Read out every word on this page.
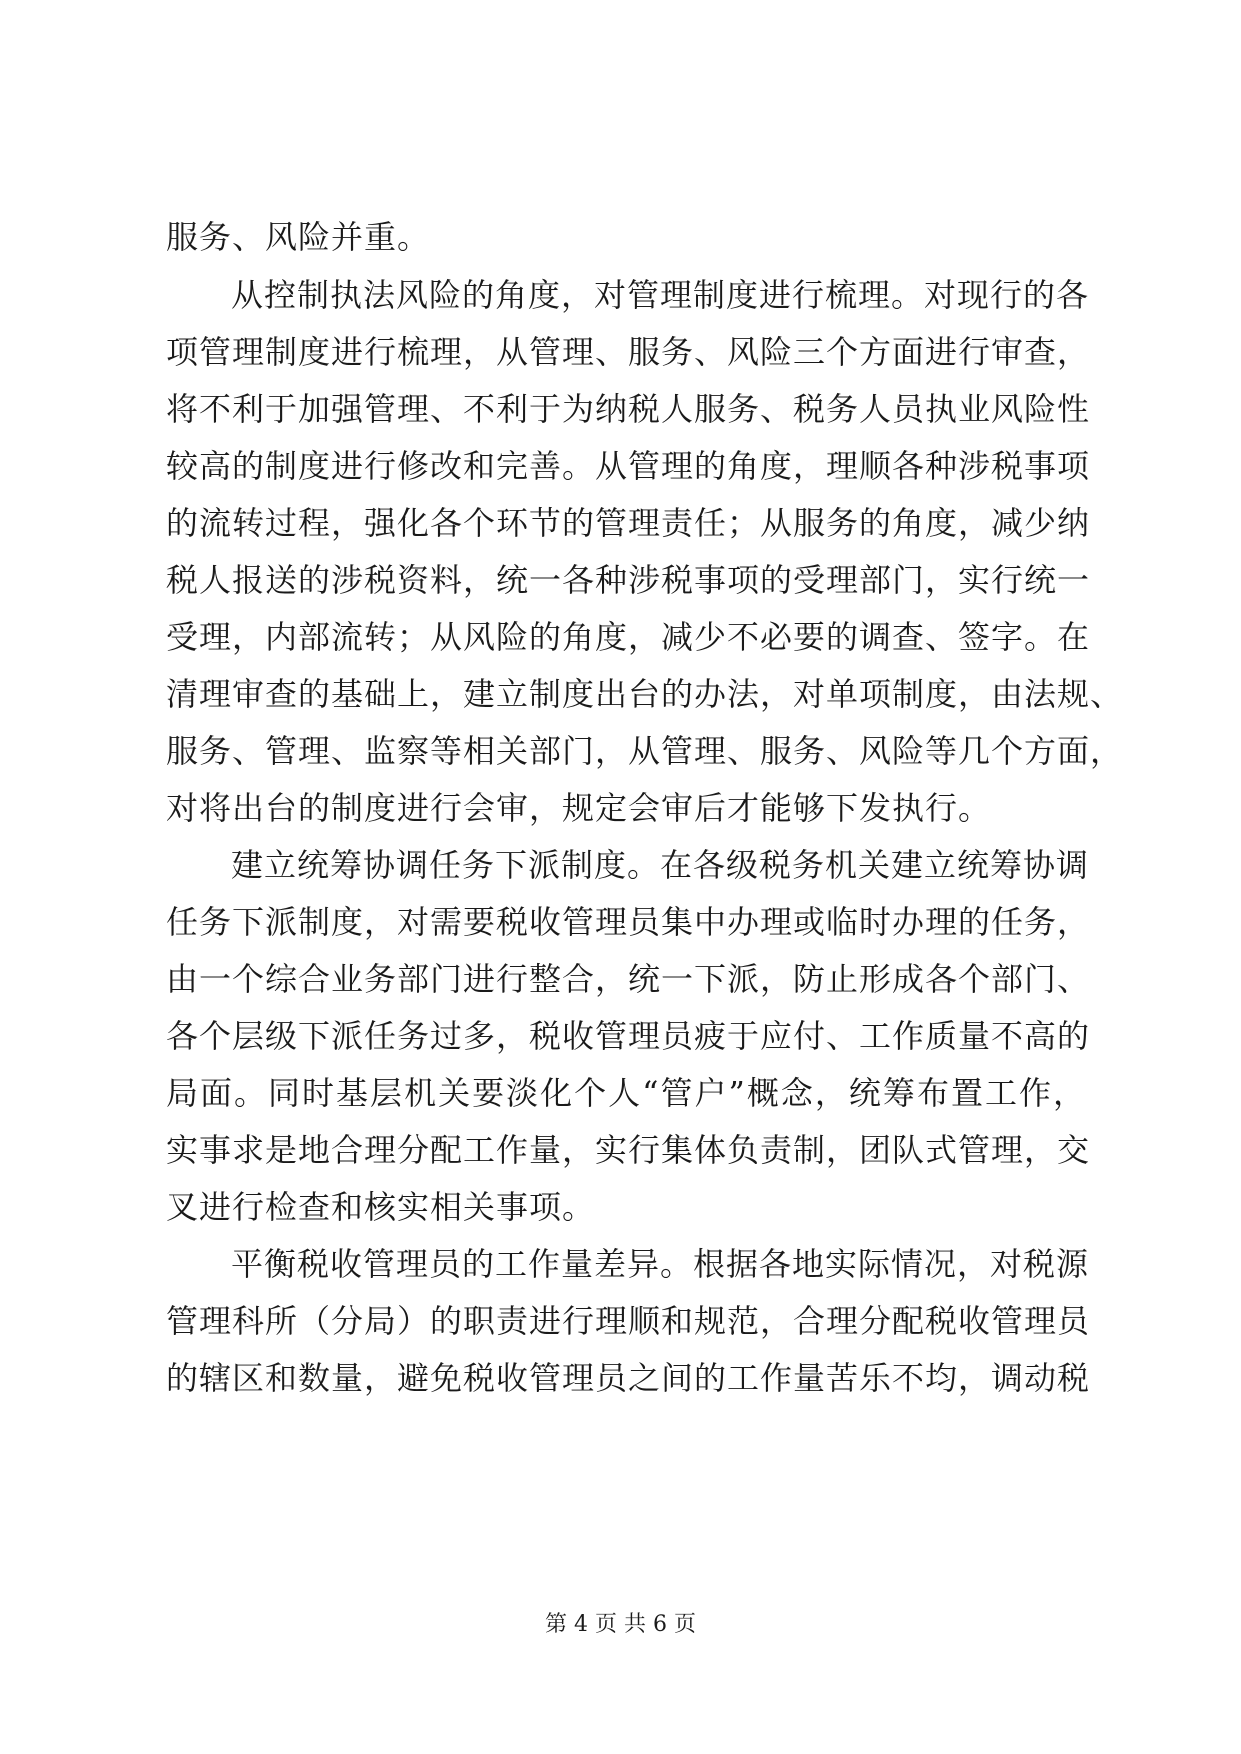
服务、风险并重。
从控制执法风险的角度，对管理制度进行梳理。对现行的各
项管理制度进行梳理，从管理、服务、风险三个方面进行审查，
将不利于加强管理、不利于为纳税人服务、税务人员执业风险性
较高的制度进行修改和完善。从管理的角度，理顺各种涉税事项
的流转过程，强化各个环节的管理责任；从服务的角度，减少纳
税人报送的涉税资料，统一各种涉税事项的受理部门，实行统一
受理，内部流转；从风险的角度，减少不必要的调查、签字。在
清理审查的基础上，建立制度出台的办法，对单项制度，由法规、
服务、管理、监察等相关部门，从管理、服务、风险等几个方面，
对将出台的制度进行会审，规定会审后才能够下发执行。
建立统筹协调任务下派制度。在各级税务机关建立统筹协调
任务下派制度，对需要税收管理员集中办理或临时办理的任务，
由一个综合业务部门进行整合，统一下派，防止形成各个部门、
各个层级下派任务过多，税收管理员疲于应付、工作质量不高的
局面。同时基层机关要淡化个人“管户”概念，统筹布置工作，
实事求是地合理分配工作量，实行集体负责制，团队式管理，交
叉进行检查和核实相关事项。
平衡税收管理员的工作量差异。根据各地实际情况，对税源
管理科所（分局）的职责进行理顺和规范，合理分配税收管理员
的辖区和数量，避免税收管理员之间的工作量苦乐不均，调动税
第 4 页 共 6 页
